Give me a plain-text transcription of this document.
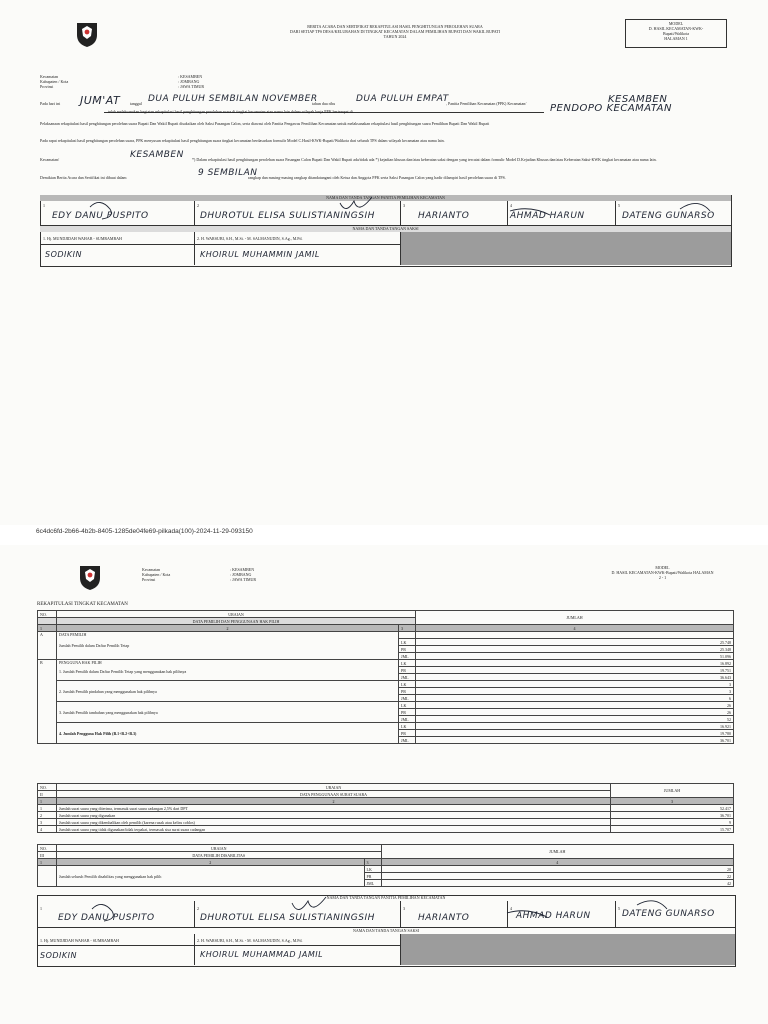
BERITA ACARA DAN SERTIFIKAT REKAPITULASI HASIL PENGHITUNGAN PEROLEHAN SUARA
DARI SETIAP TPS DESA/KELURAHAN DI TINGKAT KECAMATAN DALAM PEMILIHAN BUPATI DAN WAKIL BUPATI
TAHUN 2024
MODEL
D. HASIL KECAMATAN-KWK-
Bupati/Walikota
HALAMAN 1
Kecamatan
Kabupaten / Kota
Provinsi
: KESAMBEN
: JOMBANG
: JAWA TIMUR
Pada hari ini JUM'AT tanggal DUA PULUH SEMBILAN NOVEMBER
tahun dua ribu DUA PULUH EMPAT
, Panitia Pemilihan Kecamatan (PPK) Kecamatan/	KESAMBEN
telah melaksanakan kegiatan rekapitulasi hasil penghitungan perolehan suara di tingkat kecamatan atau nama lain dalam wilayah kerja PPK bertempat di	PENDOPO KECAMATAN
Pelaksanaan rekapitulasi hasil penghitungan perolehan suara Bupati Dan Wakil Bupati disaksikan oleh Saksi Pasangan Calon, serta diawasi oleh Panitia Pengawas Pemilihan Kecamatan untuk melaksanakan rekapitulasi hasil penghitungan suara Pemilihan Bupati Dan Wakil Bupati
Pada rapat rekapitulasi hasil penghitungan perolehan suara, PPK menyusun rekapitulasi hasil penghitungan suara tingkat kecamatan berdasarkan formulir Model C.Hasil-KWK-Bupati/Walikota dari seluruh TPS dalam wilayah kecamatan atau nama lain.
Kecamatan/	KESAMBEN *) Dalam rekapitulasi hasil penghitungan perolehan suara Pasangan Calon Bupati Dan Wakil Bupati ada/tidak ada *) kejadian khusus dan/atau keberatan saksi dengan yang tercatat dalam formulir Model D.Kejadian Khusus dan/atau Keberatan Saksi-KWK tingkat kecamatan atau nama lain.
Demikian Berita Acara dan Sertifikat ini dibuat dalam	9 SEMBILAN
rangkap dan masing-masing rangkap ditandatangani oleh Ketua dan Anggota PPK serta Saksi Pasangan Calon yang hadir dilampiri hasil perolehan suara di TPS.
NAMA DAN TANDA TANGAN PANITIA PEMILIHAN KECAMATAN
1	2	3	4	5
EDY DANU PUSPITO	DHUROTUL ELISA SULISTIANINGSIH	HARIANTO	AHMAD HARUN	DATENG GUNARSO
NAMA DAN TANDA TANGAN SAKSI
1. Hj. MUNDJIDAH WAHAB - SUMRAMBAH	2. H. WARSUBI, S.H., M.Si. - M. SALMANUDIN, S.Ag., M.Pd.
SODIKIN	KHOIRUL MUHAMMIN JAMIL
6c4dc6fd-2b66-4b2b-8405-1285de04fe69-pilkada(100)-2024-11-29-093150
Kecamatan
Kabupaten / Kota
Provinsi
: KESAMBEN
: JOMBANG
: JAWA TIMUR
MODEL
D. HASIL KECAMATAN-KWK-Bupati/Walikota HALAMAN
2 - 1
REKAPITULASI TINGKAT KECAMATAN
NO.	URAIAN		JUMLAH
	DATA PEMILIH DAN PENGGUNAAN HAK PILIH		
1	2	3	4
A	DATA PEMILIH
Jumlah Pemilih dalam Daftar Pemilih Tetap		

		LK	25.748
		PR	25.348
		JML	51.096
B	PENGGUNA HAK PILIH
1. Jumlah Pemilih dalam Daftar Pemilih Tetap yang menggunakan hak pilihnya	LK	16.892
		PR	19.751
		JML	36.643
	2. Jumlah Pemilih pindahan yang menggunakan hak pilihnya	LK	3
		PR	3
		JML	6
	3. Jumlah Pemilih tambahan yang menggunakan hak pilihnya	LK	26
		PR	26
		JML	52
	4. Jumlah Pengguna Hak Pilih (B.1+B.2+B.3)	LK	16.921
		PR	19.780
		JML	36.701
NO.	URAIAN	JUMLAH
II	DATA PENGGUNAAN SURAT SUARA	
1	2	3
1	Jumlah surat suara yang diterima, termasuk surat suara cadangan 2,5% dari DPT	52.417
2	Jumlah surat suara yang digunakan	36.701
3	Jumlah surat suara yang dikembalikan oleh pemilih (karena rusak atau keliru coblos)	9
4	Jumlah surat suara yang tidak digunakan/tidak terpakai, termasuk sisa surat suara cadangan	15.707
NO.	URAIAN		JUMLAH
III	DATA PEMILIH DISABILITAS		
1	2	3	4
	Jumlah seluruh Pemilih disabilitas yang menggunakan hak pilih	LK	20
		PR	22
		JML	42
NAMA DAN TANDA TANGAN PANITIA PEMILIHAN KECAMATAN
1	2	3	4	5
EDY DANU PUSPITO	DHUROTUL ELISA SULISTIANINGSIH	HARIANTO	AHMAD HARUN	DATENG GUNARSO
NAMA DAN TANDA TANGAN SAKSI
1. Hj. MUNDJIDAH WAHAB - SUMRAMBAH	2. H. WARSUBI, S.H., M.Si. - M. SALMANUDIN, S.Ag., M.Pd.
SODIKIN	KHOIRUL MUHAMMAD JAMIL
